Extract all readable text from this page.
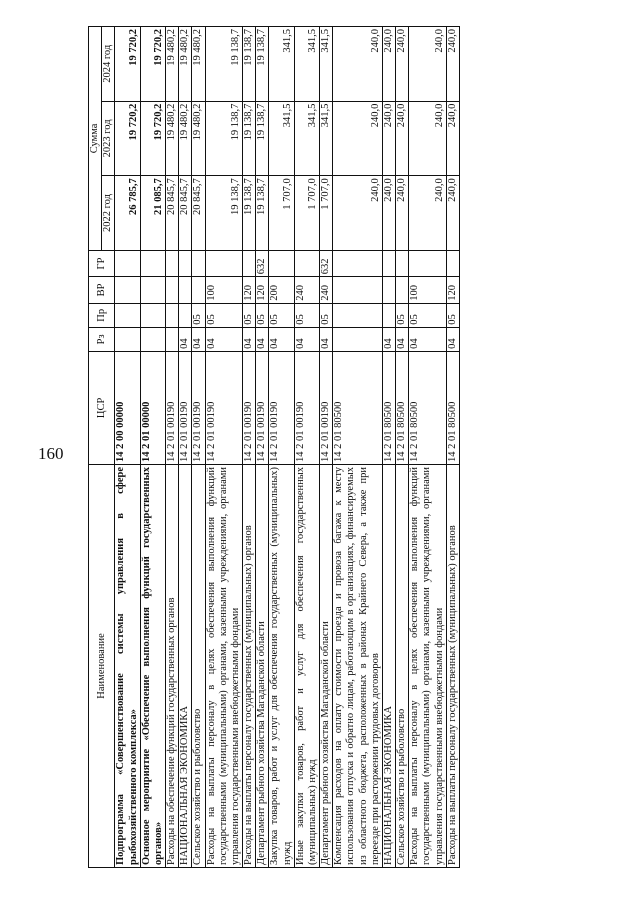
160
Наименование	ЦСР	Рз	Пр	ВР	ГР	Сумма		
						2022 год	2023 год	2024 год
Подпрограмма «Совершенствование системы управления в сфере рыбохозяйственного комплекса»	14 2 00 00000					26 785,7	19 720,2	19 720,2
Основное мероприятие «Обеспечение выполнения функций государственных органов»	14 2 01 00000					21 085,7	19 720,2	19 720,2
Расходы на обеспечение функций государственных органов	14 2 01 00190					20 845,7	19 480,2	19 480,2
НАЦИОНАЛЬНАЯ ЭКОНОМИКА	14 2 01 00190	04				20 845,7	19 480,2	19 480,2
Сельское хозяйство и рыболовство	14 2 01 00190	04	05			20 845,7	19 480,2	19 480,2
Расходы на выплаты персоналу в целях обеспечения выполнения функций государственными (муниципальными) органами, казенными учреждениями, органами управления государственными внебюджетными фондами	14 2 01 00190	04	05	100		19 138,7	19 138,7	19 138,7
Расходы на выплаты персоналу государственных (муниципальных) органов	14 2 01 00190	04	05	120		19 138,7	19 138,7	19 138,7
Департамент рыбного хозяйства Магаданской области	14 2 01 00190	04	05	120	632	19 138,7	19 138,7	19 138,7
Закупка товаров, работ и услуг для обеспечения государственных (муниципальных) нужд	14 2 01 00190	04	05	200		1 707,0	341,5	341,5
Иные закупки товаров, работ и услуг для обеспечения государственных (муниципальных) нужд	14 2 01 00190	04	05	240		1 707,0	341,5	341,5
Департамент рыбного хозяйства Магаданской области	14 2 01 00190	04	05	240	632	1 707,0	341,5	341,5
Компенсация расходов на оплату стоимости проезда и провоза багажа к месту использования отпуска и обратно лицам, работающим в организациях, финансируемых из областного бюджета, расположенных в районах Крайнего Севера, а также при переезде при расторжении трудовых договоров	14 2 01 80500					240,0	240,0	240,0
НАЦИОНАЛЬНАЯ ЭКОНОМИКА	14 2 01 80500	04				240,0	240,0	240,0
Сельское хозяйство и рыболовство	14 2 01 80500	04	05			240,0	240,0	240,0
Расходы на выплаты персоналу в целях обеспечения выполнения функций государственными (муниципальными) органами, казенными учреждениями, органами управления государственными внебюджетными фондами	14 2 01 80500	04	05	100		240,0	240,0	240,0
Расходы на выплаты персоналу государственных (муниципальных) органов	14 2 01 80500	04	05	120		240,0	240,0	240,0
